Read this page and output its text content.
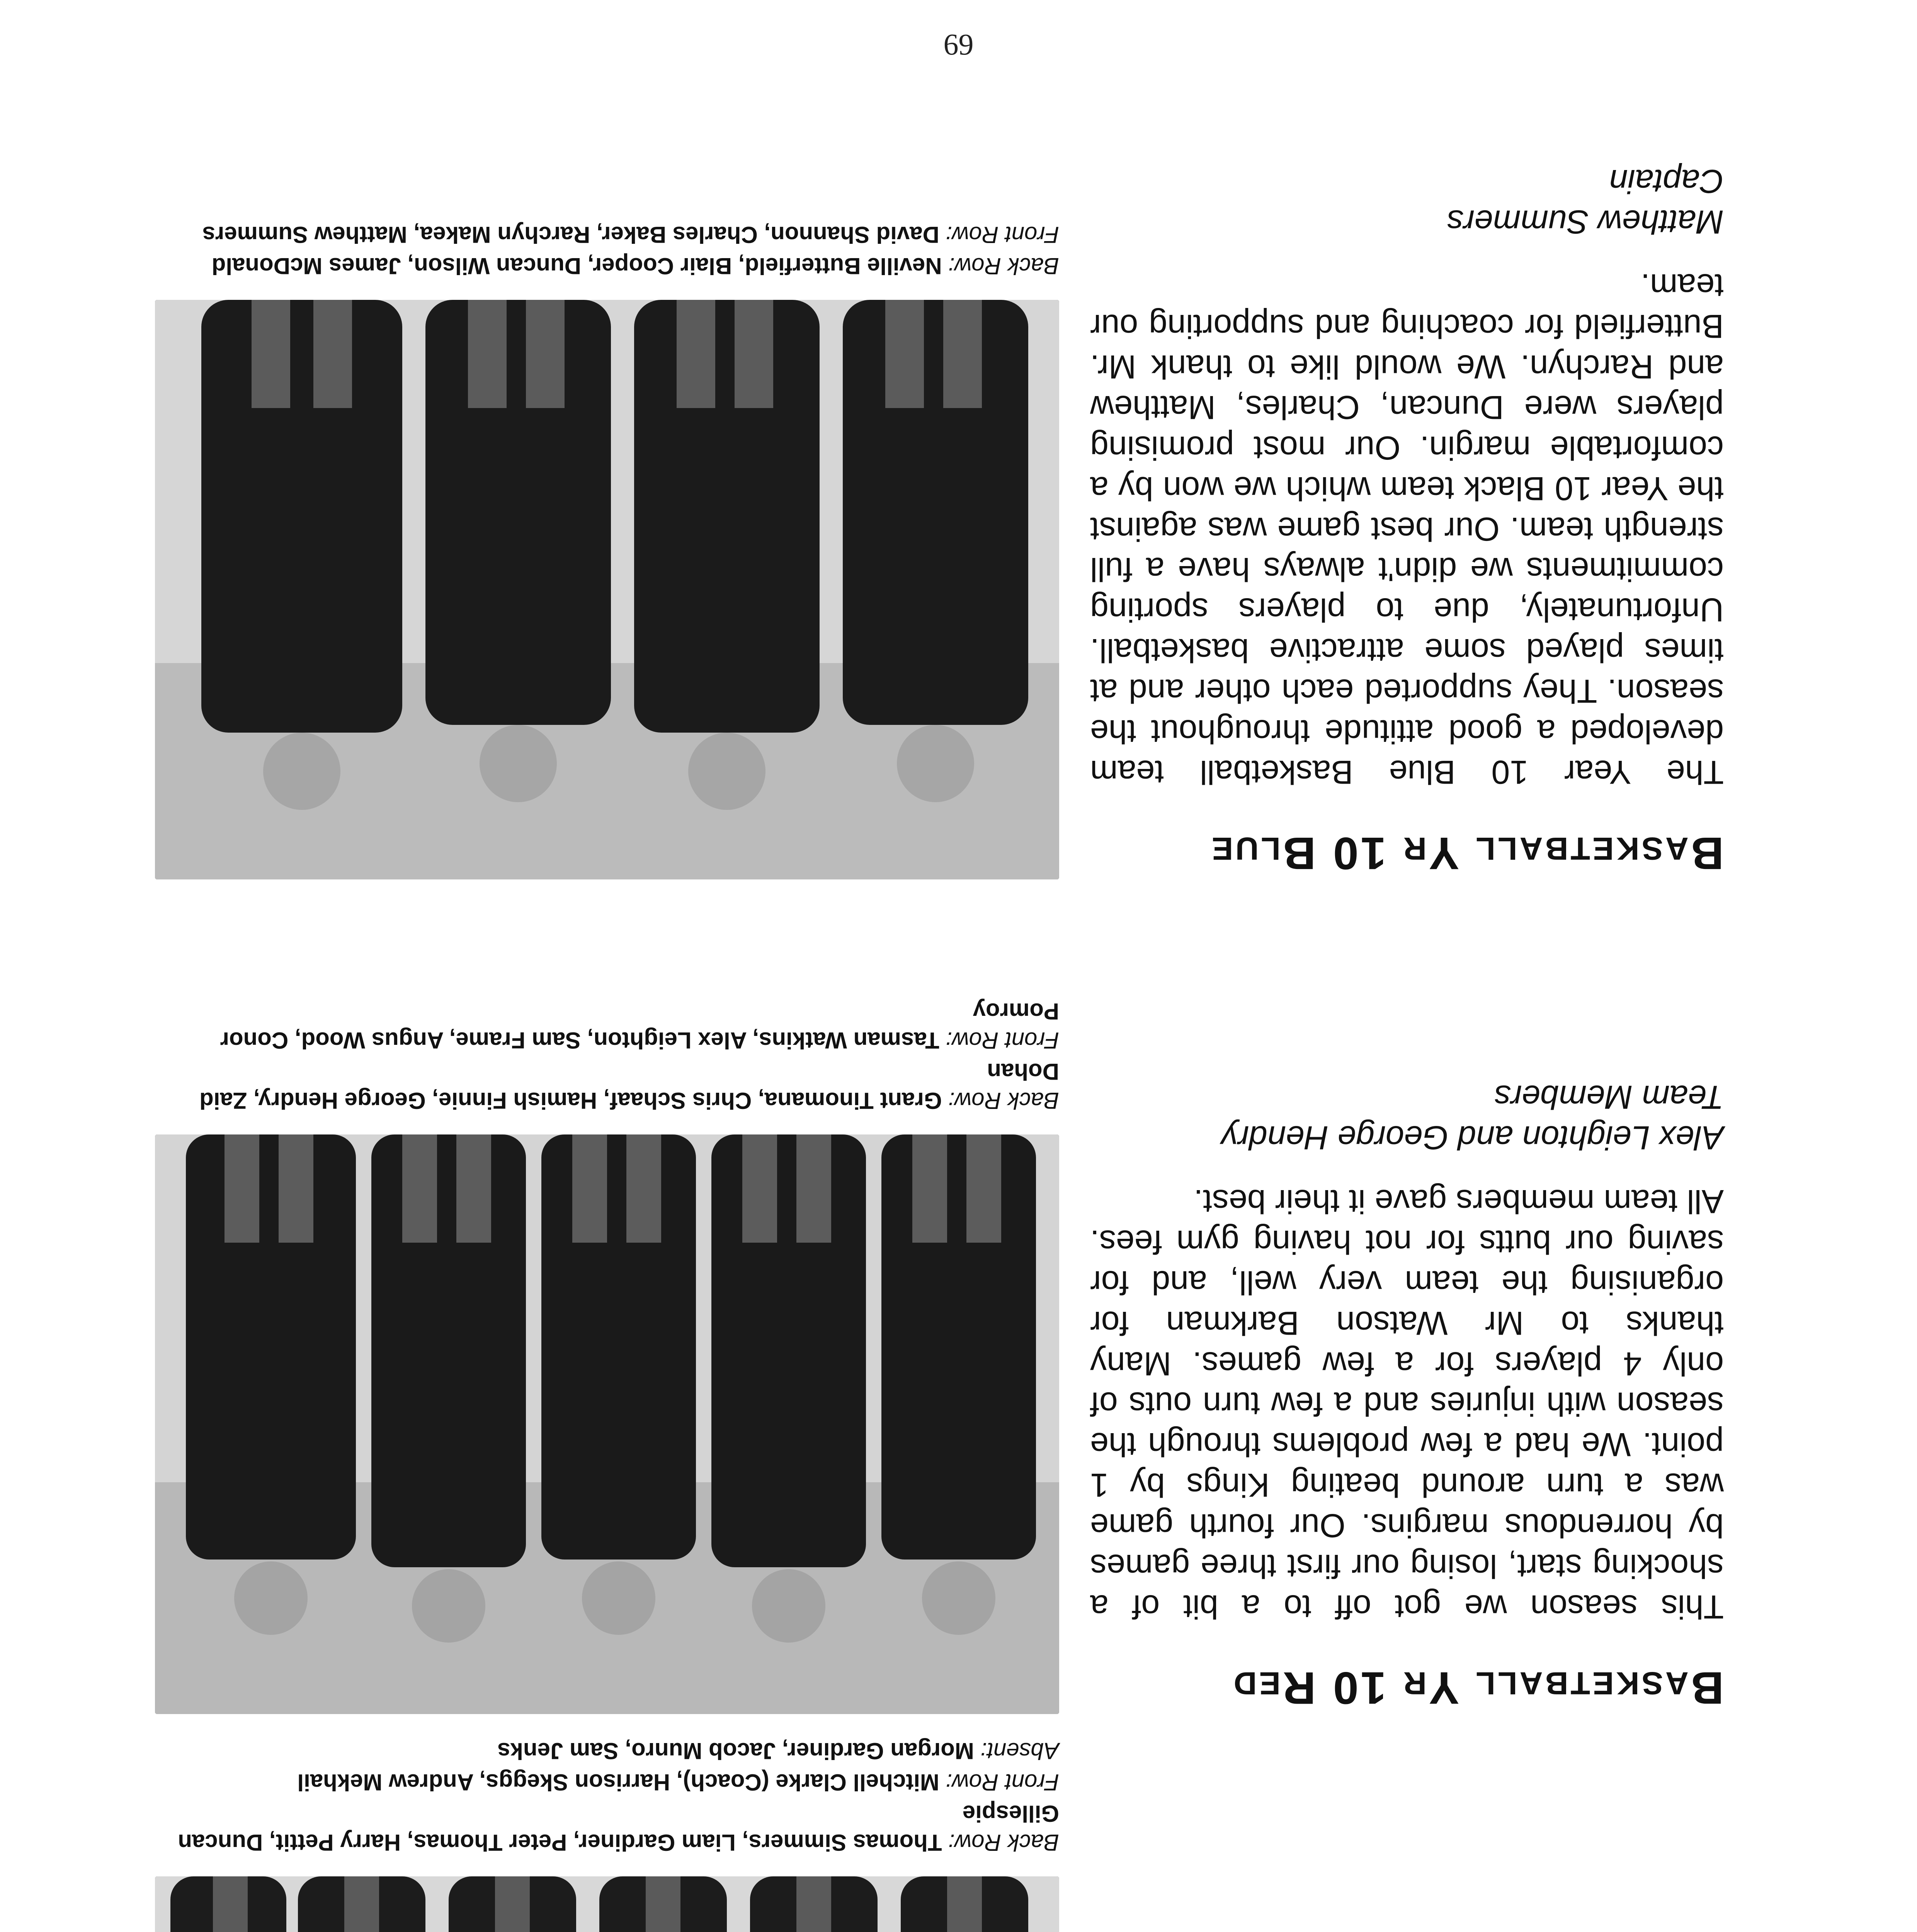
69

Back Row: Thomas Simmers, Liam Gardiner, Peter Thomas, Harry Pettit, Duncan Gillespie

Front Row: Mitchell Clarke (Coach), Harrison Skeggs, Andrew Mekhail

Absent: Morgan Gardiner, Jacob Munro, Sam Jenks

Basketball Yr 10 Red

This season we got off to a bit of a shocking start, losing our first three games by horrendous margins. Our fourth game was a turn around beating Kings by 1 point. We had a few problems through the season with injuries and a few turn outs of only 4 players for a few games. Many thanks to Mr Watson Barkman for organising the team very well, and for saving our butts for not having gym fees. All team members gave it their best.

Alex Leighton and George Hendry
Team Members

Back Row: Grant Tinomana, Chris Schaaf, Hamish Finnie, George Hendry, Zaid Dohan

Front Row: Tasman Watkins, Alex Leighton, Sam Frame, Angus Wood, Conor Pomroy

Basketball Yr 10 Blue

The Year 10 Blue Basketball team developed a good attitude throughout the season. They supported each other and at times played some attractive basketball. Unfortunately, due to players sporting commitments we didn't always have a full strength team. Our best game was against the Year 10 Black team which we won by a comfortable margin. Our most promising players were Duncan, Charles, Matthew and Rarchyn. We would like to thank Mr. Butterfield for coaching and supporting our team.

Matthew Summers
Captain

Back Row: Neville Butterfield, Blair Cooper, Duncan Wilson, James McDonald

Front Row: David Shannon, Charles Baker, Rarchyn Makea, Matthew Summers
